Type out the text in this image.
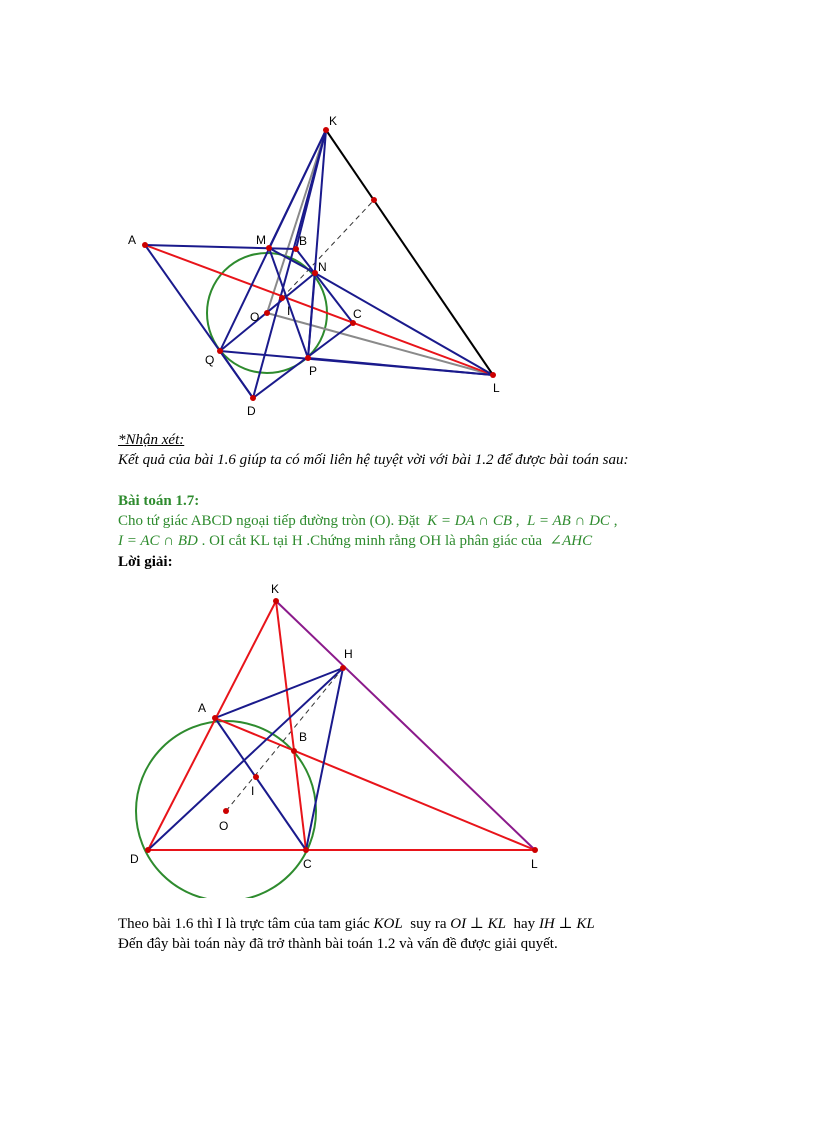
K
A	M	B
N
O I	C
Q
P
D
L
*Nhận xét:
Kết quả của bài 1.6 giúp ta có mối liên hệ tuyệt vời với bài 1.2 để được bài toán sau:
Bài toán 1.7:
Cho tứ giác ABCD ngoại tiếp đường tròn (O). Đặt K = DA ∩ CB , L = AB ∩ DC ,
I = AC ∩ BD . OI cắt KL tại H .Chứng minh rằng OH là phân giác của ∠AHC
Lời giải:
K
H
A
B
I
O
D	C	L
Theo bài 1.6 thì I là trực tâm của tam giác KOL suy ra OI ⊥ KL hay IH ⊥ KL
Đến đây bài toán này đã trở thành bài toán 1.2 và vấn đề được giải quyết.
